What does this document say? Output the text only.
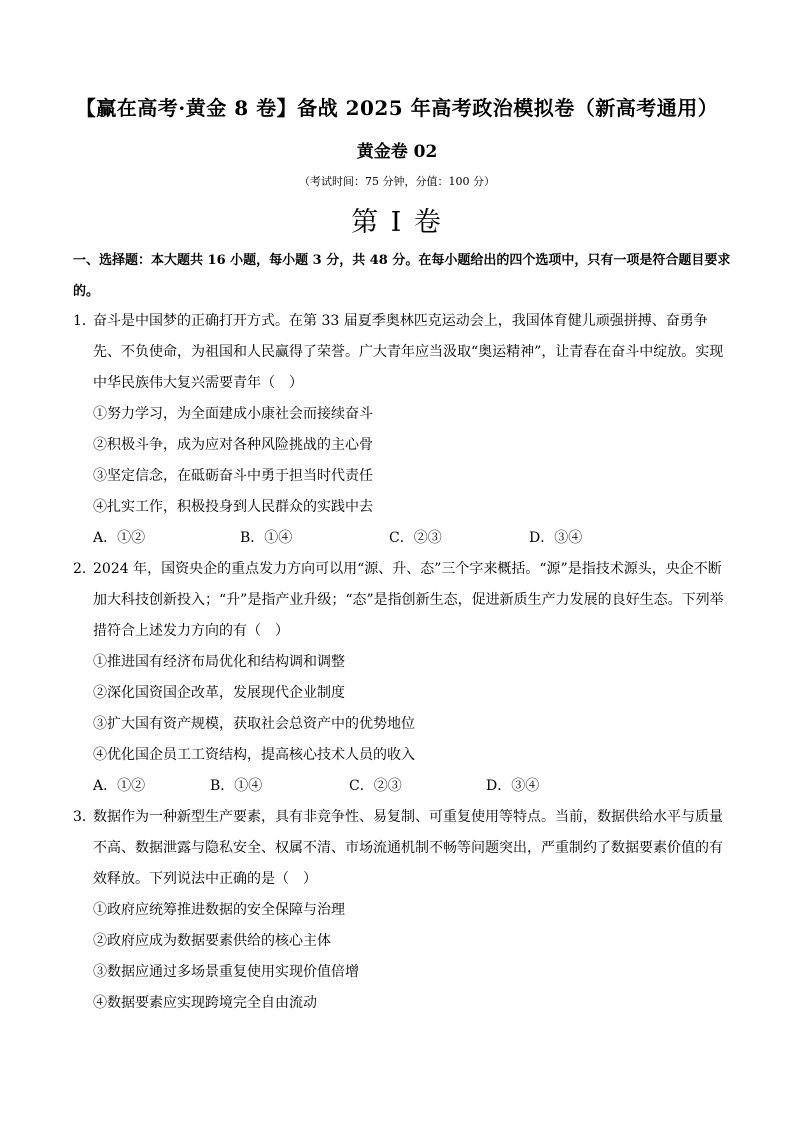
【赢在高考·黄金 8 卷】备战 2025 年高考政治模拟卷（新高考通用）
黄金卷 02
（考试时间：75 分钟，分值：100 分）
第 I 卷
一、选择题：本大题共 16 小题，每小题 3 分，共 48 分。在每小题给出的四个选项中，只有一项是符合题目要求的。
1．
奋斗是中国梦的正确打开方式。在第 33 届夏季奥林匹克运动会上，我国体育健儿顽强拼搏、奋勇争先、不负使命，为祖国和人民赢得了荣誉。广大青年应当汲取“奥运精神”，让青春在奋斗中绽放。实现中华民族伟大复兴需要青年（　）
①努力学习，为全面建成小康社会而接续奋斗
②积极斗争，成为应对各种风险挑战的主心骨
③坚定信念，在砥砺奋斗中勇于担当时代责任
④扎实工作，积极投身到人民群众的实践中去
A．①②	B．①④	C．②③	D．③④
2．
2024 年，国资央企的重点发力方向可以用“源、升、态”三个字来概括。“源”是指技术源头，央企不断加大科技创新投入；“升”是指产业升级；“态”是指创新生态，促进新质生产力发展的良好生态。下列举措符合上述发力方向的有（　）
①推进国有经济布局优化和结构调和调整
②深化国资国企改革，发展现代企业制度
③扩大国有资产规模，获取社会总资产中的优势地位
④优化国企员工工资结构，提高核心技术人员的收入
A．①②	B．①④	C．②③	D．③④
3．
数据作为一种新型生产要素，具有非竞争性、易复制、可重复使用等特点。当前，数据供给水平与质量不高、数据泄露与隐私安全、权属不清、市场流通机制不畅等问题突出，严重制约了数据要素价值的有效释放。下列说法中正确的是（　）
①政府应统筹推进数据的安全保障与治理
②政府应成为数据要素供给的核心主体
③数据应通过多场景重复使用实现价值倍增
④数据要素应实现跨境完全自由流动
